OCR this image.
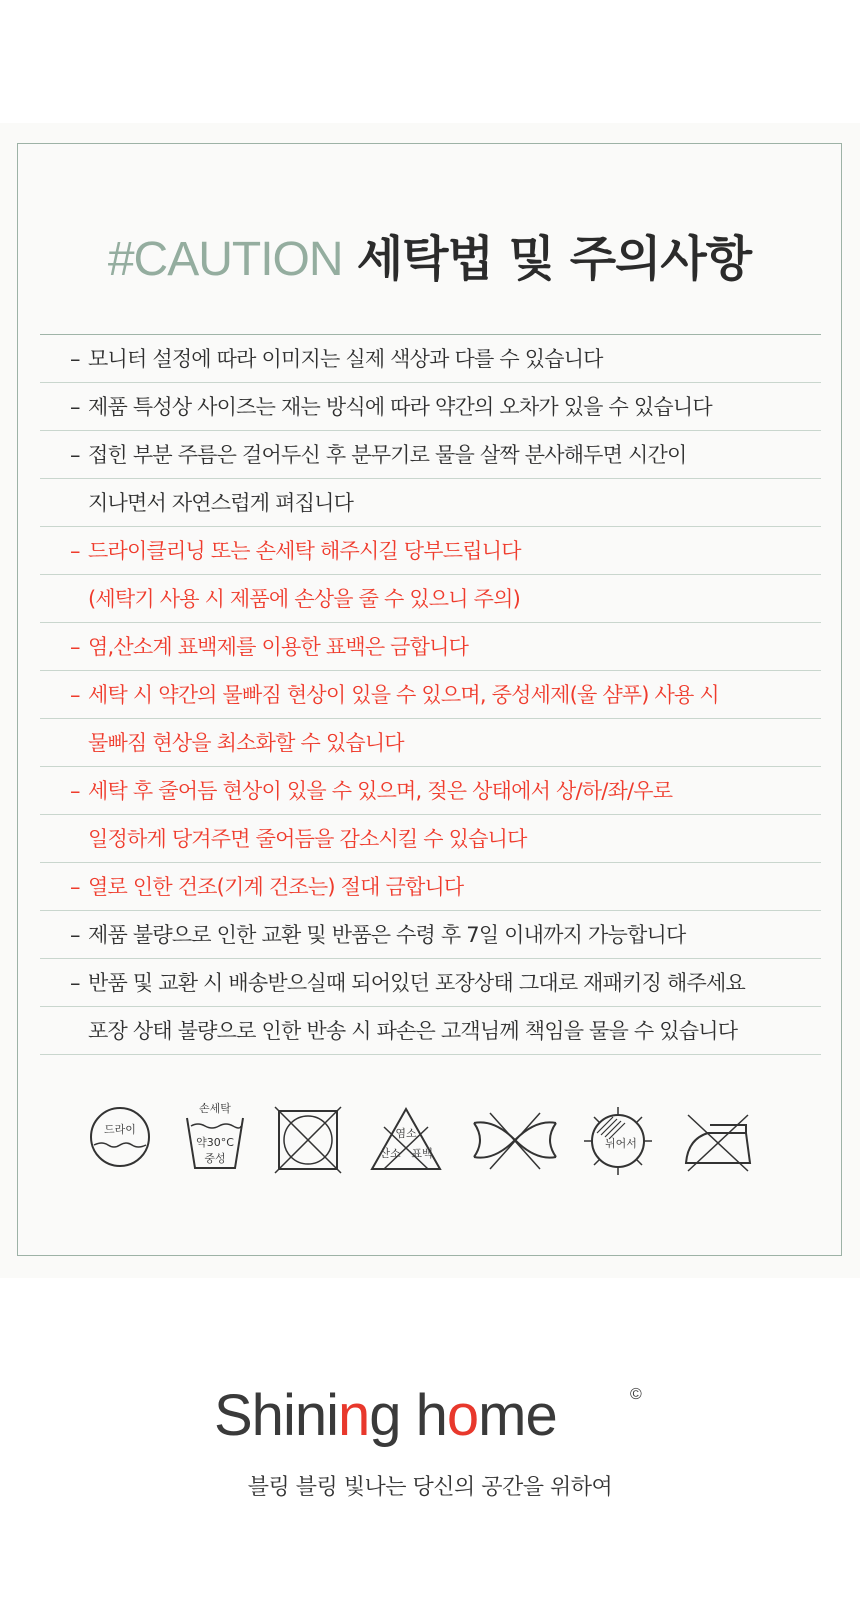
#CAUTION 세탁법 및 주의사항
– 모니터 설정에 따라 이미지는 실제 색상과 다를 수 있습니다
– 제품 특성상 사이즈는 재는 방식에 따라 약간의 오차가 있을 수 있습니다
– 접힌 부분 주름은 걸어두신 후 분무기로 물을 살짝 분사해두면 시간이
지나면서 자연스럽게 펴집니다
– 드라이클리닝 또는 손세탁 해주시길 당부드립니다
(세탁기 사용 시 제품에 손상을 줄 수 있으니 주의)
– 염,산소계 표백제를 이용한 표백은 금합니다
– 세탁 시 약간의 물빠짐 현상이 있을 수 있으며, 중성세제(울 샴푸) 사용 시
물빠짐 현상을 최소화할 수 있습니다
– 세탁 후 줄어듬 현상이 있을 수 있으며, 젖은 상태에서 상/하/좌/우로
일정하게 당겨주면 줄어듬을 감소시킬 수 있습니다
– 열로 인한 건조(기계 건조는) 절대 금합니다
– 제품 불량으로 인한 교환 및 반품은 수령 후 7일 이내까지 가능합니다
– 반품 및 교환 시 배송받으실때 되어있던 포장상태 그대로 재패키징 해주세요
포장 상태 불량으로 인한 반송 시 파손은 고객님께 책임을 물을 수 있습니다
드라이
손세탁
약30°C
중성
염소
산소 표백
뉘어서
Shining home	©
블링 블링 빛나는 당신의 공간을 위하여
